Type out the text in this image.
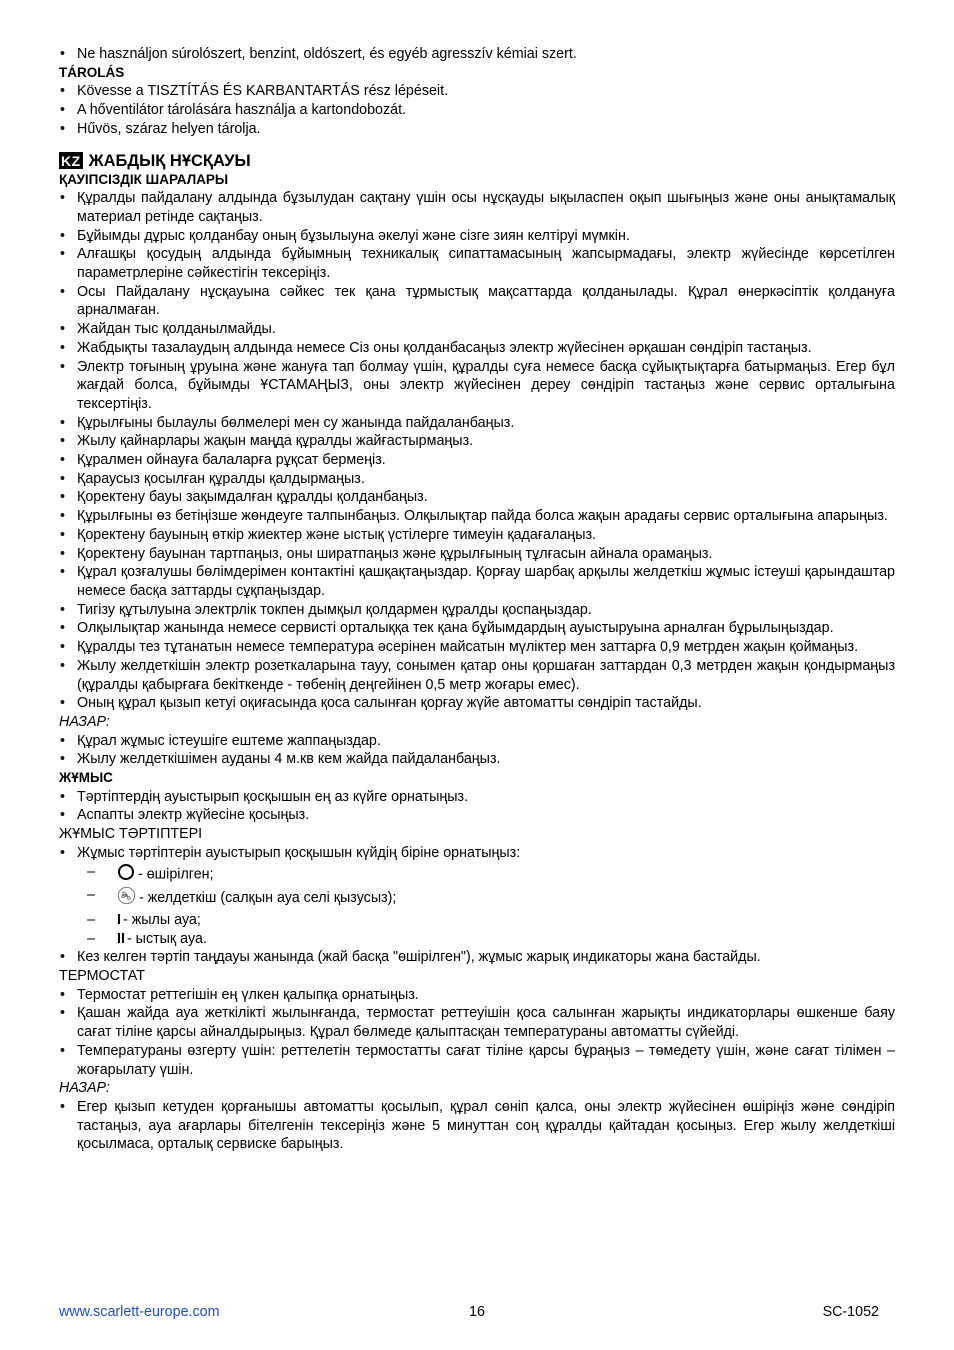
• Ne használjon súrolószert, benzint, oldószert, és egyéb agresszív kémiai szert.
TÁROLÁS
• Kövesse a TISZTÍTÁS ÉS KARBANTARTÁS rész lépéseit.
• A hőventilátor tárolására használja a kartondobozát.
• Hűvös, száraz helyen tárolja.
KZ ЖАБДЫҚ НҰСҚАУЫ
ҚАУІПСІЗДІК ШАРАЛАРЫ
• Құралды пайдалану алдында бұзылудан сақтану үшін осы нұсқауды ықыласпен оқып шығыңыз және оны анықтамалық материал ретінде сақтаңыз.
• Бұйымды дұрыс қолданбау оның бұзылыуна әкелуі және сізге зиян келтіруі мүмкін.
• Алғашқы қосудың алдында бұйымның техникалық сипаттамасының жапсырмадағы, электр жүйесінде көрсетілген параметрлеріне сәйкестігін тексеріңіз.
• Осы Пайдалану нұсқауына сәйкес тек қана тұрмыстық мақсаттарда қолданылады. Құрал өнеркәсіптік қолдануға арналмаған.
• Жайдан тыс қолданылмайды.
• Жабдықты тазалаудың алдында немесе Сіз оны қолданбасаңыз электр жүйесінен әрқашан сөндіріп тастаңыз.
• Электр тоғының ұруына және жануға тап болмау үшін, құралды суға немесе басқа сұйықтықтарға батырмаңыз. Егер бұл жағдай болса, бұйымды ҰСТАМАҢЫЗ, оны электр жүйесінен дереу сөндіріп тастаңыз және сервис орталығына тексертіңіз.
• Құрылғыны былаулы бөлмелері мен су жанында пайдаланбаңыз.
• Жылу қайнарлары жақын маңда құралды жайғастырмаңыз.
• Құралмен ойнауға балаларға рұқсат бермеңіз.
• Қараусыз қосылған құралды қалдырмаңыз.
• Қоректену бауы зақымдалған құралды қолданбаңыз.
• Құрылғыны өз бетіңізше жөндеуге талпынбаңыз. Олқылықтар пайда болса жақын арадағы сервис орталығына апарыңыз.
• Қоректену бауының өткір жиектер және ыстық үстілерге тимеуін қадағалаңыз.
• Қоректену бауынан тартпаңыз, оны ширатпаңыз және құрылғының тұлғасын айнала орамаңыз.
• Құрал қозғалушы бөлімдерімен контактіні қашқақтаңыздар. Қорғау шарбақ арқылы желдеткіш жұмыс істеуші қарындаштар немесе басқа заттарды сұқпаңыздар.
• Тигізу құтылуына электрлік токпен дымқыл қолдармен құралды қоспаңыздар.
• Олқылықтар жанында немесе сервисті орталыққа тек қана бұйымдардың ауыстыруына арналған бұрылыңыздар.
• Құралды тез тұтанатын немесе температура әсерінен майсатын мүліктер мен заттарға 0,9 метрден жақын қоймаңыз.
• Жылу желдеткішін электр розеткаларына тауу, сонымен қатар оны қоршаған заттардан 0,3 метрден жақын қондырмаңыз (құралды қабырғаға бекіткенде - төбенің деңгейінен 0,5 метр жоғары емес).
• Оның құрал қызып кетуі оқиғасында қоса салынған қорғау жүйе автоматты сөндіріп тастайды.
НАЗАР:
• Құрал жұмыс істеушіге ештеме жаппаңыздар.
• Жылу желдеткішімен ауданы 4 м.кв кем жайда пайдаланбаңыз.
ЖҰМЫС
• Тәртіптердің ауыстырып қосқышын ең аз күйге орнатыңыз.
• Аспапты электр жүйесіне қосыңыз.
ЖҰМЫС ТӘРТІПТЕРІ
• Жұмыс тәртіптерін ауыстырып қосқышын күйдің біріне орнатыңыз:
–	- өшірілген;
–	- желдеткіш (салқын ауа селі қызусыз);
– I - жылы ауа;
– II - ыстық ауа.
• Кез келген тәртіп таңдауы жанында (жай басқа "өшірілген"), жұмыс жарық индикаторы жана бастайды.
ТЕРМОСТАТ
• Термостат реттегішін ең үлкен қалыпқа орнатыңыз.
• Қашан жайда ауа жеткілікті жылынғанда, термостат реттеуішін қоса салынған жарықты индикаторлары өшкенше баяу сағат тіліне қарсы айналдырыңыз. Құрал бөлмеде қалыптасқан температураны автоматты сүйейді.
• Температураны өзгерту үшін: реттелетін термостатты сағат тіліне қарсы бұраңыз – төмедету үшін, және сағат тілімен – жоғарылату үшін.
НАЗАР:
• Егер қызып кетуден қорғанышы автоматты қосылып, құрал сөніп қалса, оны электр жүйесінен өшіріңіз және сөндіріп тастаңыз, ауа ағарлары бітелгенін тексеріңіз және 5 минуттан соң құралды қайтадан қосыңыз. Егер жылу желдеткіші қосылмаса, орталық сервиске барыңыз.
www.scarlett-europe.com	16	SC-1052
